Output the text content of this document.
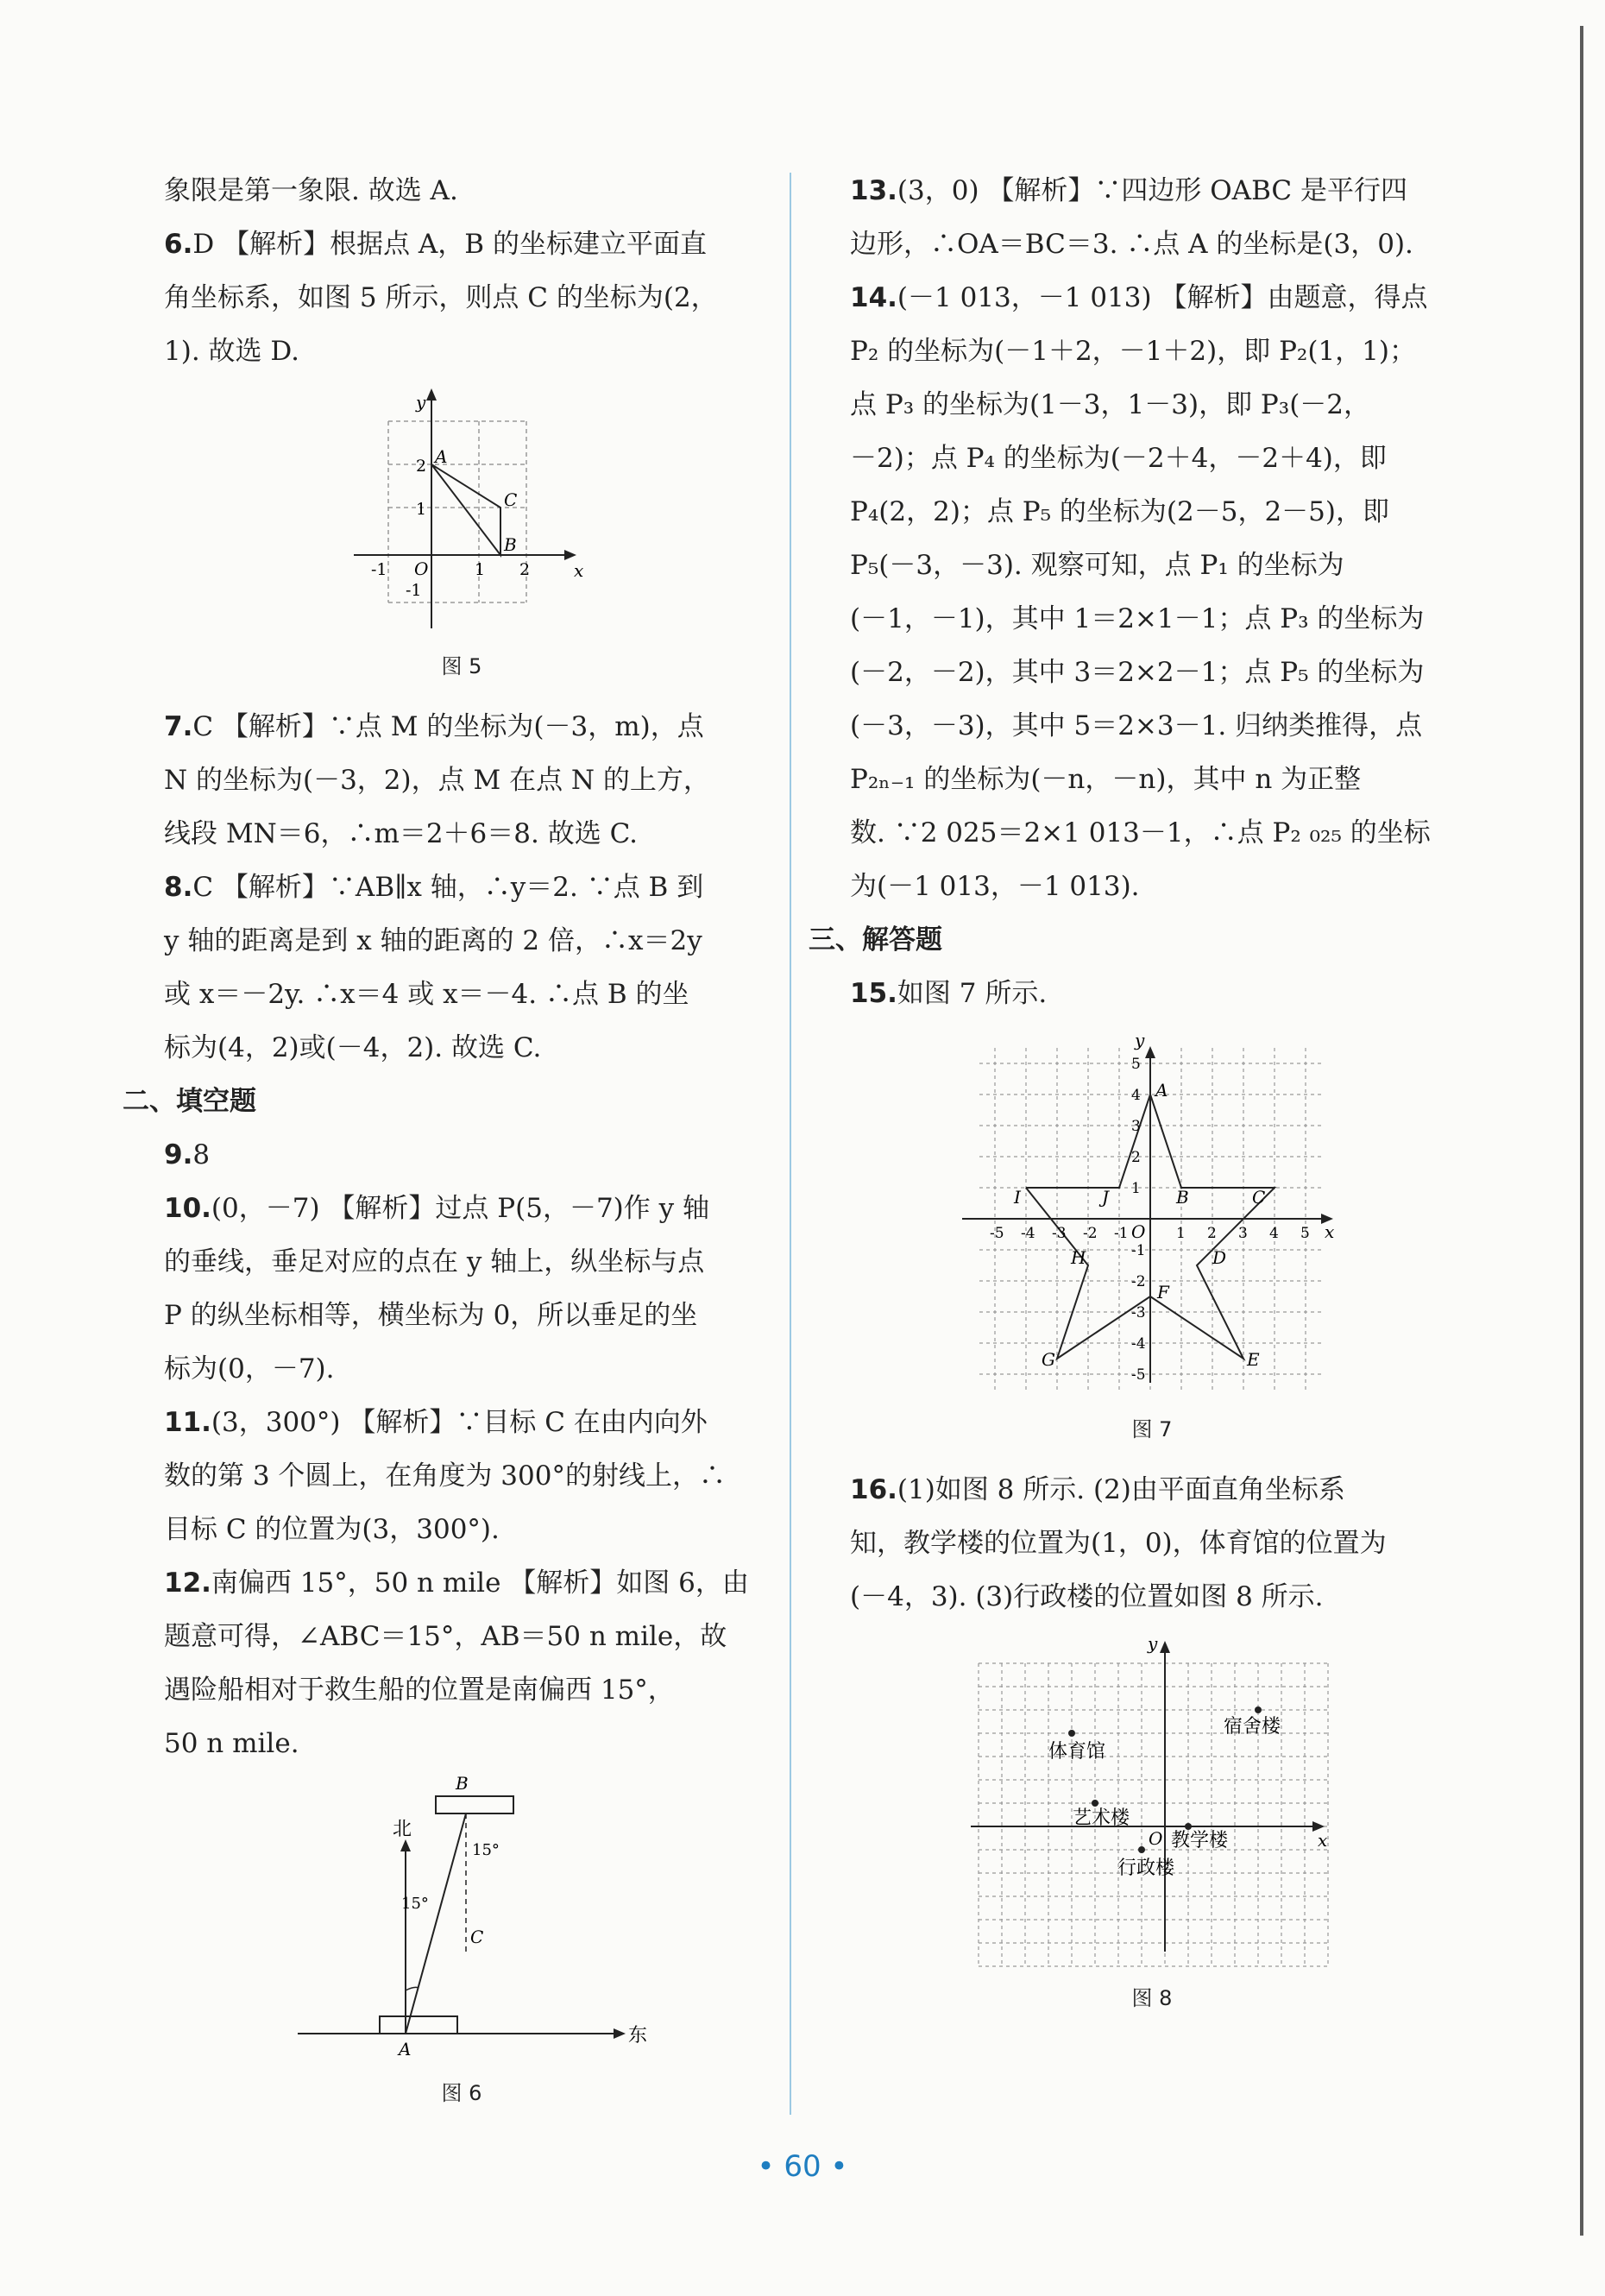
象限是第一象限. 故选 A.

6.D 【解析】根据点 A，B 的坐标建立平面直

角坐标系，如图 5 所示，则点 C 的坐标为(2，

1). 故选 D.

y
x
A
C
B
O
2
1
-1
1 2
-1
图 5

7.C 【解析】∵点 M 的坐标为(－3，m)，点

N 的坐标为(－3，2)，点 M 在点 N 的上方，

线段 MN＝6，∴m＝2＋6＝8. 故选 C.

8.C 【解析】∵AB∥x 轴，∴y＝2. ∵点 B 到

y 轴的距离是到 x 轴的距离的 2 倍，∴x＝2y

或 x＝－2y. ∴x＝4 或 x＝－4. ∴点 B 的坐

标为(4，2)或(－4，2). 故选 C.

二、填空题

9.8

10.(0，－7) 【解析】过点 P(5，－7)作 y 轴

的垂线，垂足对应的点在 y 轴上，纵坐标与点

P 的纵坐标相等，横坐标为 0，所以垂足的坐

标为(0，－7).

11.(3，300°) 【解析】∵目标 C 在由内向外

数的第 3 个圆上，在角度为 300°的射线上，∴

目标 C 的位置为(3，300°).

12.南偏西 15°，50 n mile 【解析】如图 6，由

题意可得，∠ABC＝15°，AB＝50 n mile，故

遇险船相对于救生船的位置是南偏西 15°，

50 n mile.

B
A
C
北
东
15°
15°
图 6

13.(3，0) 【解析】∵四边形 OABC 是平行四

边形，∴OA＝BC＝3. ∴点 A 的坐标是(3，0).

14.(－1 013，－1 013) 【解析】由题意，得点

P₂ 的坐标为(－1＋2，－1＋2)，即 P₂(1，1)；

点 P₃ 的坐标为(1－3，1－3)，即 P₃(－2，

－2)；点 P₄ 的坐标为(－2＋4，－2＋4)，即

P₄(2，2)；点 P₅ 的坐标为(2－5，2－5)，即

P₅(－3，－3). 观察可知，点 P₁ 的坐标为

(－1，－1)，其中 1＝2×1－1；点 P₃ 的坐标为

(－2，－2)，其中 3＝2×2－1；点 P₅ 的坐标为

(－3，－3)，其中 5＝2×3－1. 归纳类推得，点

P₂ₙ₋₁ 的坐标为(－n，－n)，其中 n 为正整

数. ∵2 025＝2×1 013－1，∴点 P₂ ₀₂₅ 的坐标

为(－1 013，－1 013).

三、解答题

15.如图 7 所示.

y
x
A
B	C
D
E
F
G
H
I	J
O
-5
-5
-4
-4
-3
-3
-2
-2
-1
-1
1
1
2
2
3
3
4
4
5
5
图 7

16.(1)如图 8 所示. (2)由平面直角坐标系

知，教学楼的位置为(1，0)，体育馆的位置为

(－4，3). (3)行政楼的位置如图 8 所示.

y
x
O
宿舍楼
体育馆
艺术楼
教学楼
行政楼
图 8
• 60 •
